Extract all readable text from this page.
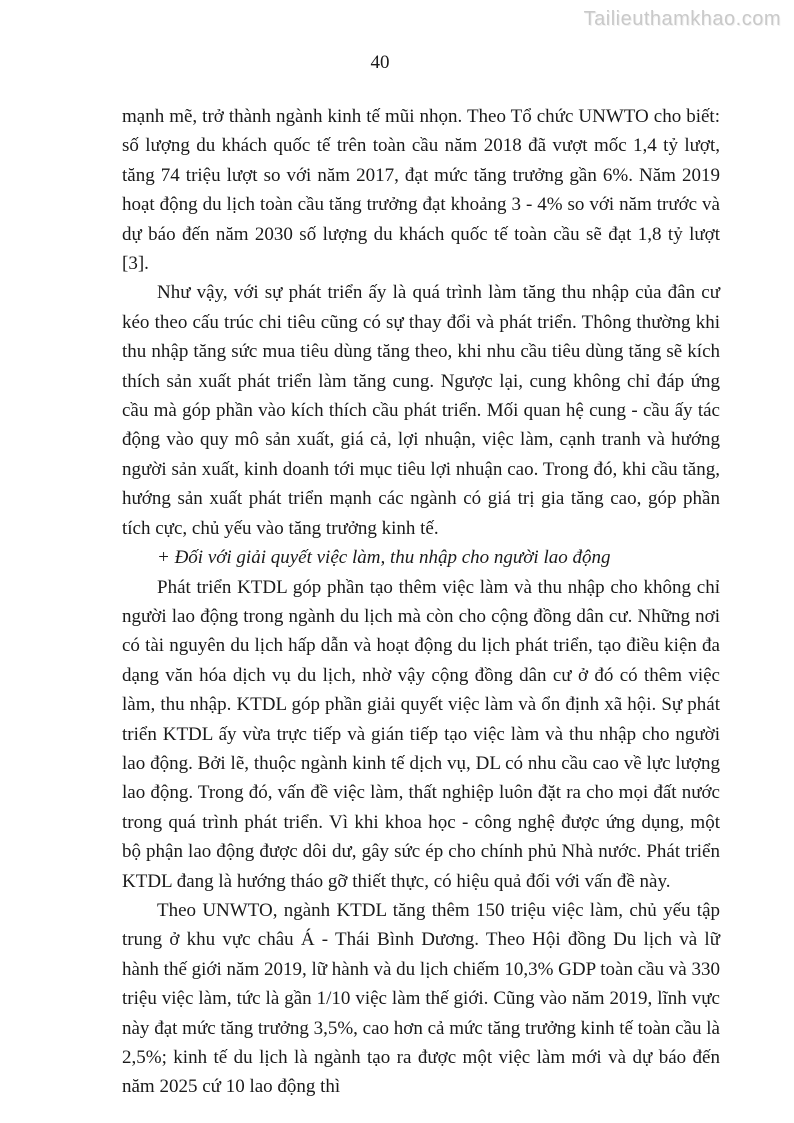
Tailieuthamkhao.com
40

mạnh mẽ, trở thành ngành kinh tế mũi nhọn. Theo Tổ chức UNWTO cho biết: số lượng du khách quốc tế trên toàn cầu năm 2018 đã vượt mốc 1,4 tỷ lượt, tăng 74 triệu lượt so với năm 2017, đạt mức tăng trưởng gần 6%. Năm 2019 hoạt động du lịch toàn cầu tăng trưởng đạt khoảng 3 - 4% so với năm trước và dự báo đến năm 2030 số lượng du khách quốc tế toàn cầu sẽ đạt 1,8 tỷ lượt [3].

Như vậy, với sự phát triển ấy là quá trình làm tăng thu nhập của đân cư kéo theo cấu trúc chi tiêu cũng có sự thay đổi và phát triển. Thông thường khi thu nhập tăng sức mua tiêu dùng tăng theo, khi nhu cầu tiêu dùng tăng sẽ kích thích sản xuất phát triển làm tăng cung. Ngược lại, cung không chỉ đáp ứng cầu mà góp phần vào kích thích cầu phát triển. Mối quan hệ cung - cầu ấy tác động vào quy mô sản xuất, giá cả, lợi nhuận, việc làm, cạnh tranh và hướng người sản xuất, kinh doanh tới mục tiêu lợi nhuận cao. Trong đó, khi cầu tăng, hướng sản xuất phát triển mạnh các ngành có giá trị gia tăng cao, góp phần tích cực, chủ yếu vào tăng trưởng kinh tế.

+ Đối với giải quyết việc làm, thu nhập cho người lao động

Phát triển KTDL góp phần tạo thêm việc làm và thu nhập cho không chỉ người lao động trong ngành du lịch mà còn cho cộng đồng dân cư. Những nơi có tài nguyên du lịch hấp dẫn và hoạt động du lịch phát triển, tạo điều kiện đa dạng văn hóa dịch vụ du lịch, nhờ vậy cộng đồng dân cư ở đó có thêm việc làm, thu nhập. KTDL góp phần giải quyết việc làm và ổn định xã hội. Sự phát triển KTDL ấy vừa trực tiếp và gián tiếp tạo việc làm và thu nhập cho người lao động. Bởi lẽ, thuộc ngành kinh tế dịch vụ, DL có nhu cầu cao về lực lượng lao động. Trong đó, vấn đề việc làm, thất nghiệp luôn đặt ra cho mọi đất nước trong quá trình phát triển. Vì khi khoa học - công nghệ được ứng dụng, một bộ phận lao động được dôi dư, gây sức ép cho chính phủ Nhà nước. Phát triển KTDL đang là hướng tháo gỡ thiết thực, có hiệu quả đối với vấn đề này.

Theo UNWTO, ngành KTDL tăng thêm 150 triệu việc làm, chủ yếu tập trung ở khu vực châu Á - Thái Bình Dương. Theo Hội đồng Du lịch và lữ hành thế giới năm 2019, lữ hành và du lịch chiếm 10,3% GDP toàn cầu và 330 triệu việc làm, tức là gần 1/10 việc làm thế giới. Cũng vào năm 2019, lĩnh vực này đạt mức tăng trưởng 3,5%, cao hơn cả mức tăng trưởng kinh tế toàn cầu là 2,5%; kinh tế du lịch là ngành tạo ra được một việc làm mới và dự báo đến năm 2025 cứ 10 lao động thì
